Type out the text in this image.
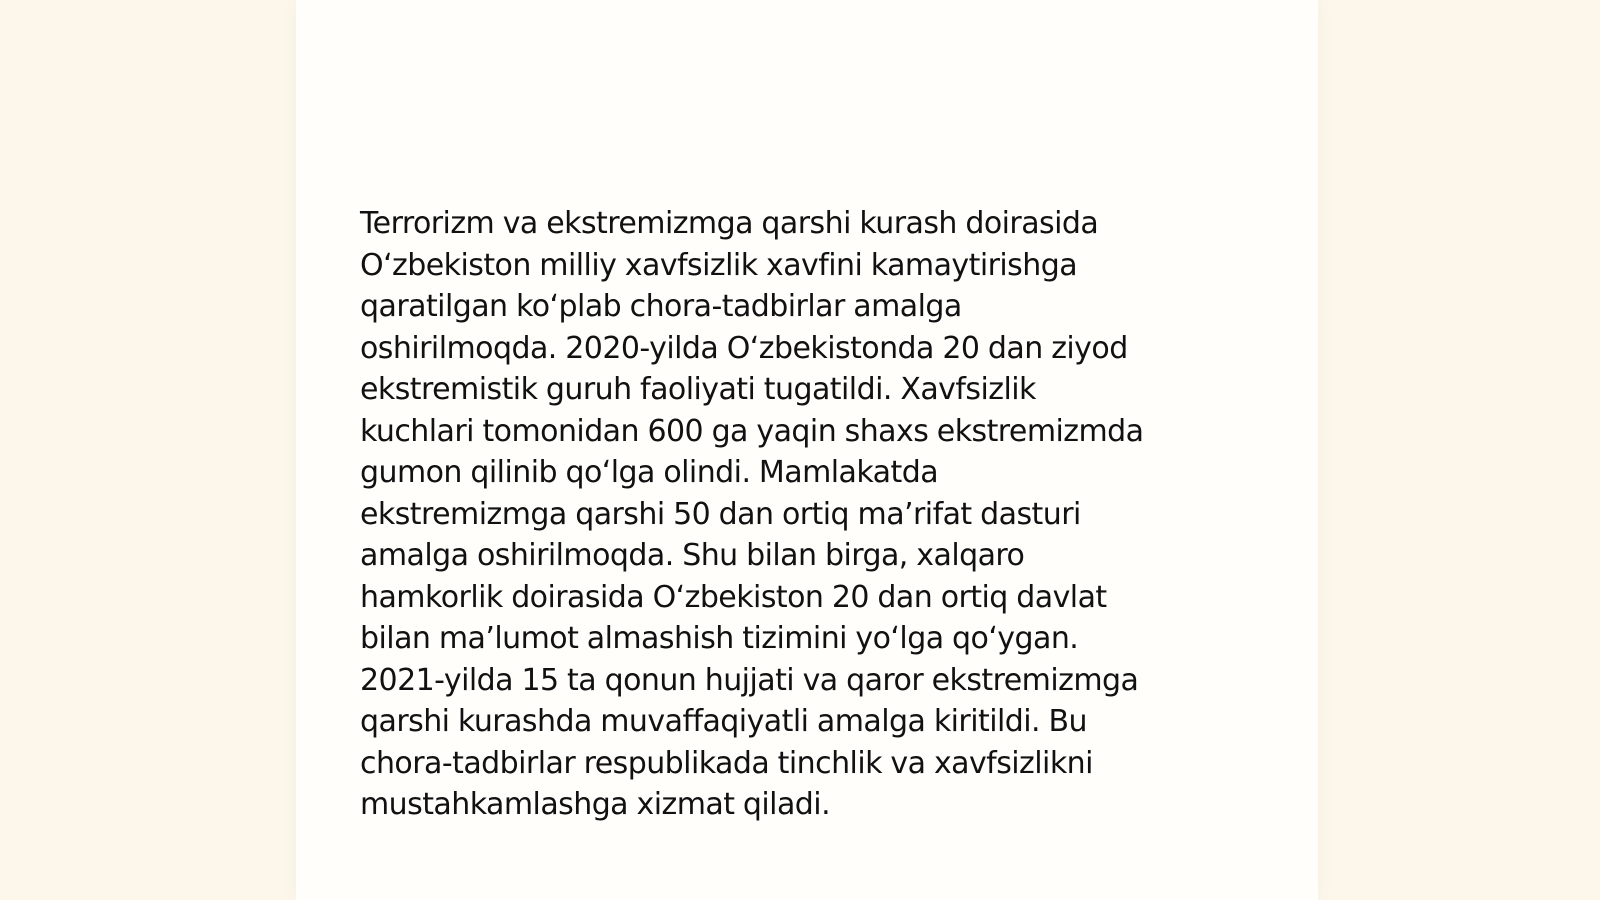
Terrorizm va ekstremizmga qarshi kurash doirasida
O‘zbekiston milliy xavfsizlik xavfini kamaytirishga
qaratilgan ko‘plab chora-tadbirlar amalga
oshirilmoqda. 2020-yilda O‘zbekistonda 20 dan ziyod
ekstremistik guruh faoliyati tugatildi. Xavfsizlik
kuchlari tomonidan 600 ga yaqin shaxs ekstremizmda
gumon qilinib qo‘lga olindi. Mamlakatda
ekstremizmga qarshi 50 dan ortiq ma’rifat dasturi
amalga oshirilmoqda. Shu bilan birga, xalqaro
hamkorlik doirasida O‘zbekiston 20 dan ortiq davlat
bilan ma’lumot almashish tizimini yo‘lga qo‘ygan.
2021-yilda 15 ta qonun hujjati va qaror ekstremizmga
qarshi kurashda muvaffaqiyatli amalga kiritildi. Bu
chora-tadbirlar respublikada tinchlik va xavfsizlikni
mustahkamlashga xizmat qiladi.
